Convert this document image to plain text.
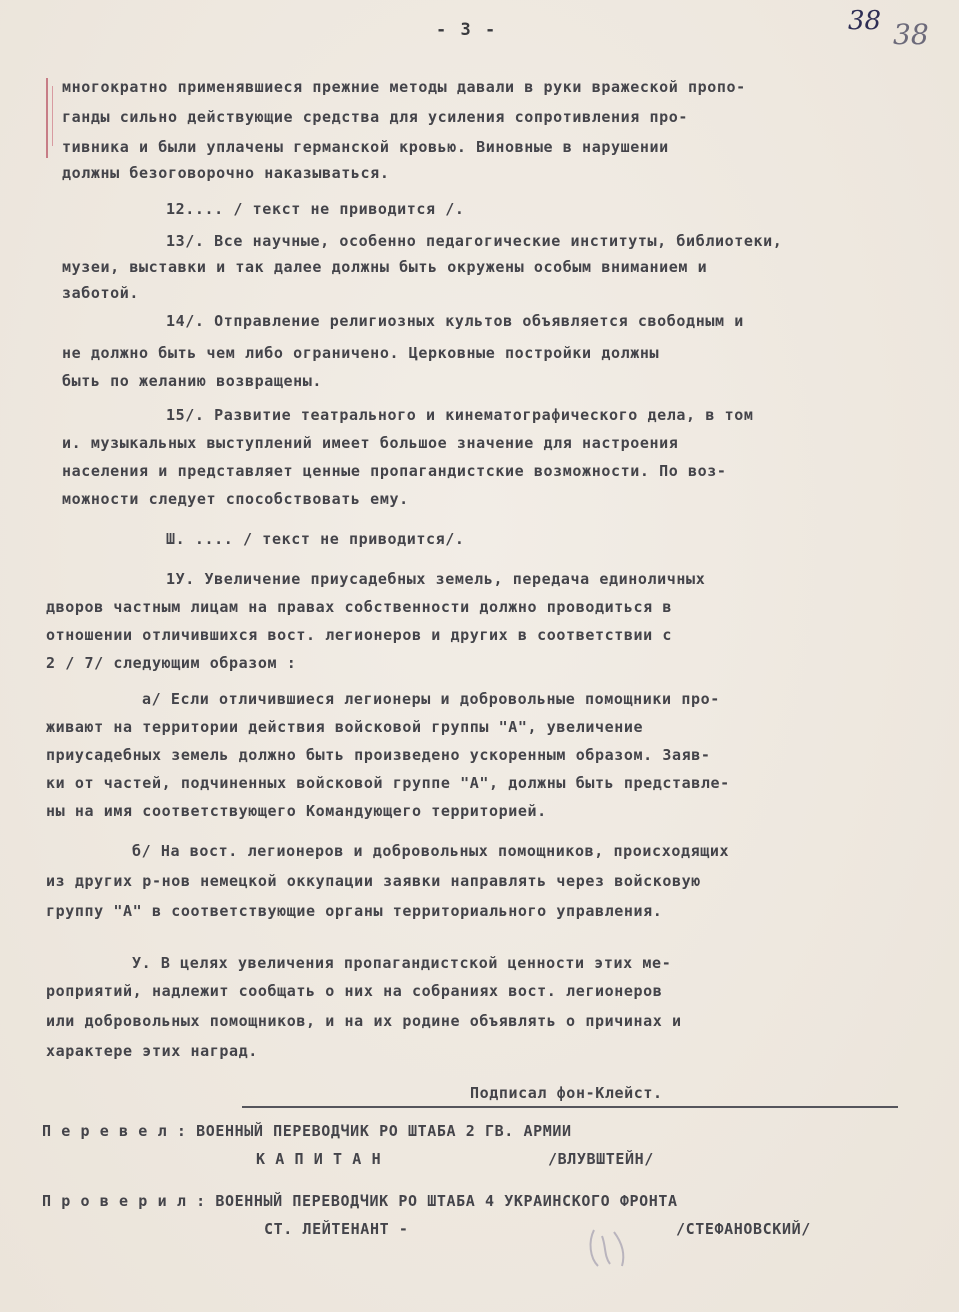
- 3 -	38 38
многократно применявшиеся прежние методы давали в руки вражеской пропо-
ганды сильно действующие средства для усиления сопротивления про-
тивника и были уплачены германской кровью. Виновные в нарушении
должны безоговорочно наказываться.
12.... / текст не приводится /.
13/. Все научные, особенно педагогические институты, библиотеки,
музеи, выставки и так далее должны быть окружены особым вниманием и
заботой.
14/. Отправление религиозных культов объявляется свободным и
не должно быть чем либо ограничено. Церковные постройки должны
быть по желанию возвращены.
15/. Развитие театрального и кинематографического дела, в том
и. музыкальных выступлений имеет большое значение для настроения
населения и представляет ценные пропагандистские возможности. По воз-
можности следует способствовать ему.
Ш. .... / текст не приводится/.
1У. Увеличение приусадебных земель, передача единоличных
дворов частным лицам на правах собственности должно проводиться в
отношении отличившихся вост. легионеров и других в соответствии с
2 / 7/ следующим образом :
а/ Если отличившиеся легионеры и добровольные помощники про-
живают на территории действия войсковой группы "А", увеличение
приусадебных земель должно быть произведено ускоренным образом. Заяв-
ки от частей, подчиненных войсковой группе "А", должны быть представле-
ны на имя соответствующего Командующего территорией.
б/ На вост. легионеров и добровольных помощников, происходящих
из других р-нов немецкой оккупации заявки направлять через войсковую
группу "А" в соответствующие органы территориального управления.
У. В целях увеличения пропагандистской ценности этих ме-
роприятий, надлежит сообщать о них на собраниях вост. легионеров
или добровольных помощников, и на их родине объявлять о причинах и
характере этих наград.
Подписал фон-Клейст.
П е р е в е л : ВОЕННЫЙ ПЕРЕВОДЧИК РО ШТАБА 2 ГВ. АРМИИ
К А П И Т А Н	/ВЛУВШТЕЙН/
П р о в е р и л : ВОЕННЫЙ ПЕРЕВОДЧИК РО ШТАБА 4 УКРАИНСКОГО ФРОНТА
СТ. ЛЕЙТЕНАНТ -	/СТЕФАНОВСКИЙ/
